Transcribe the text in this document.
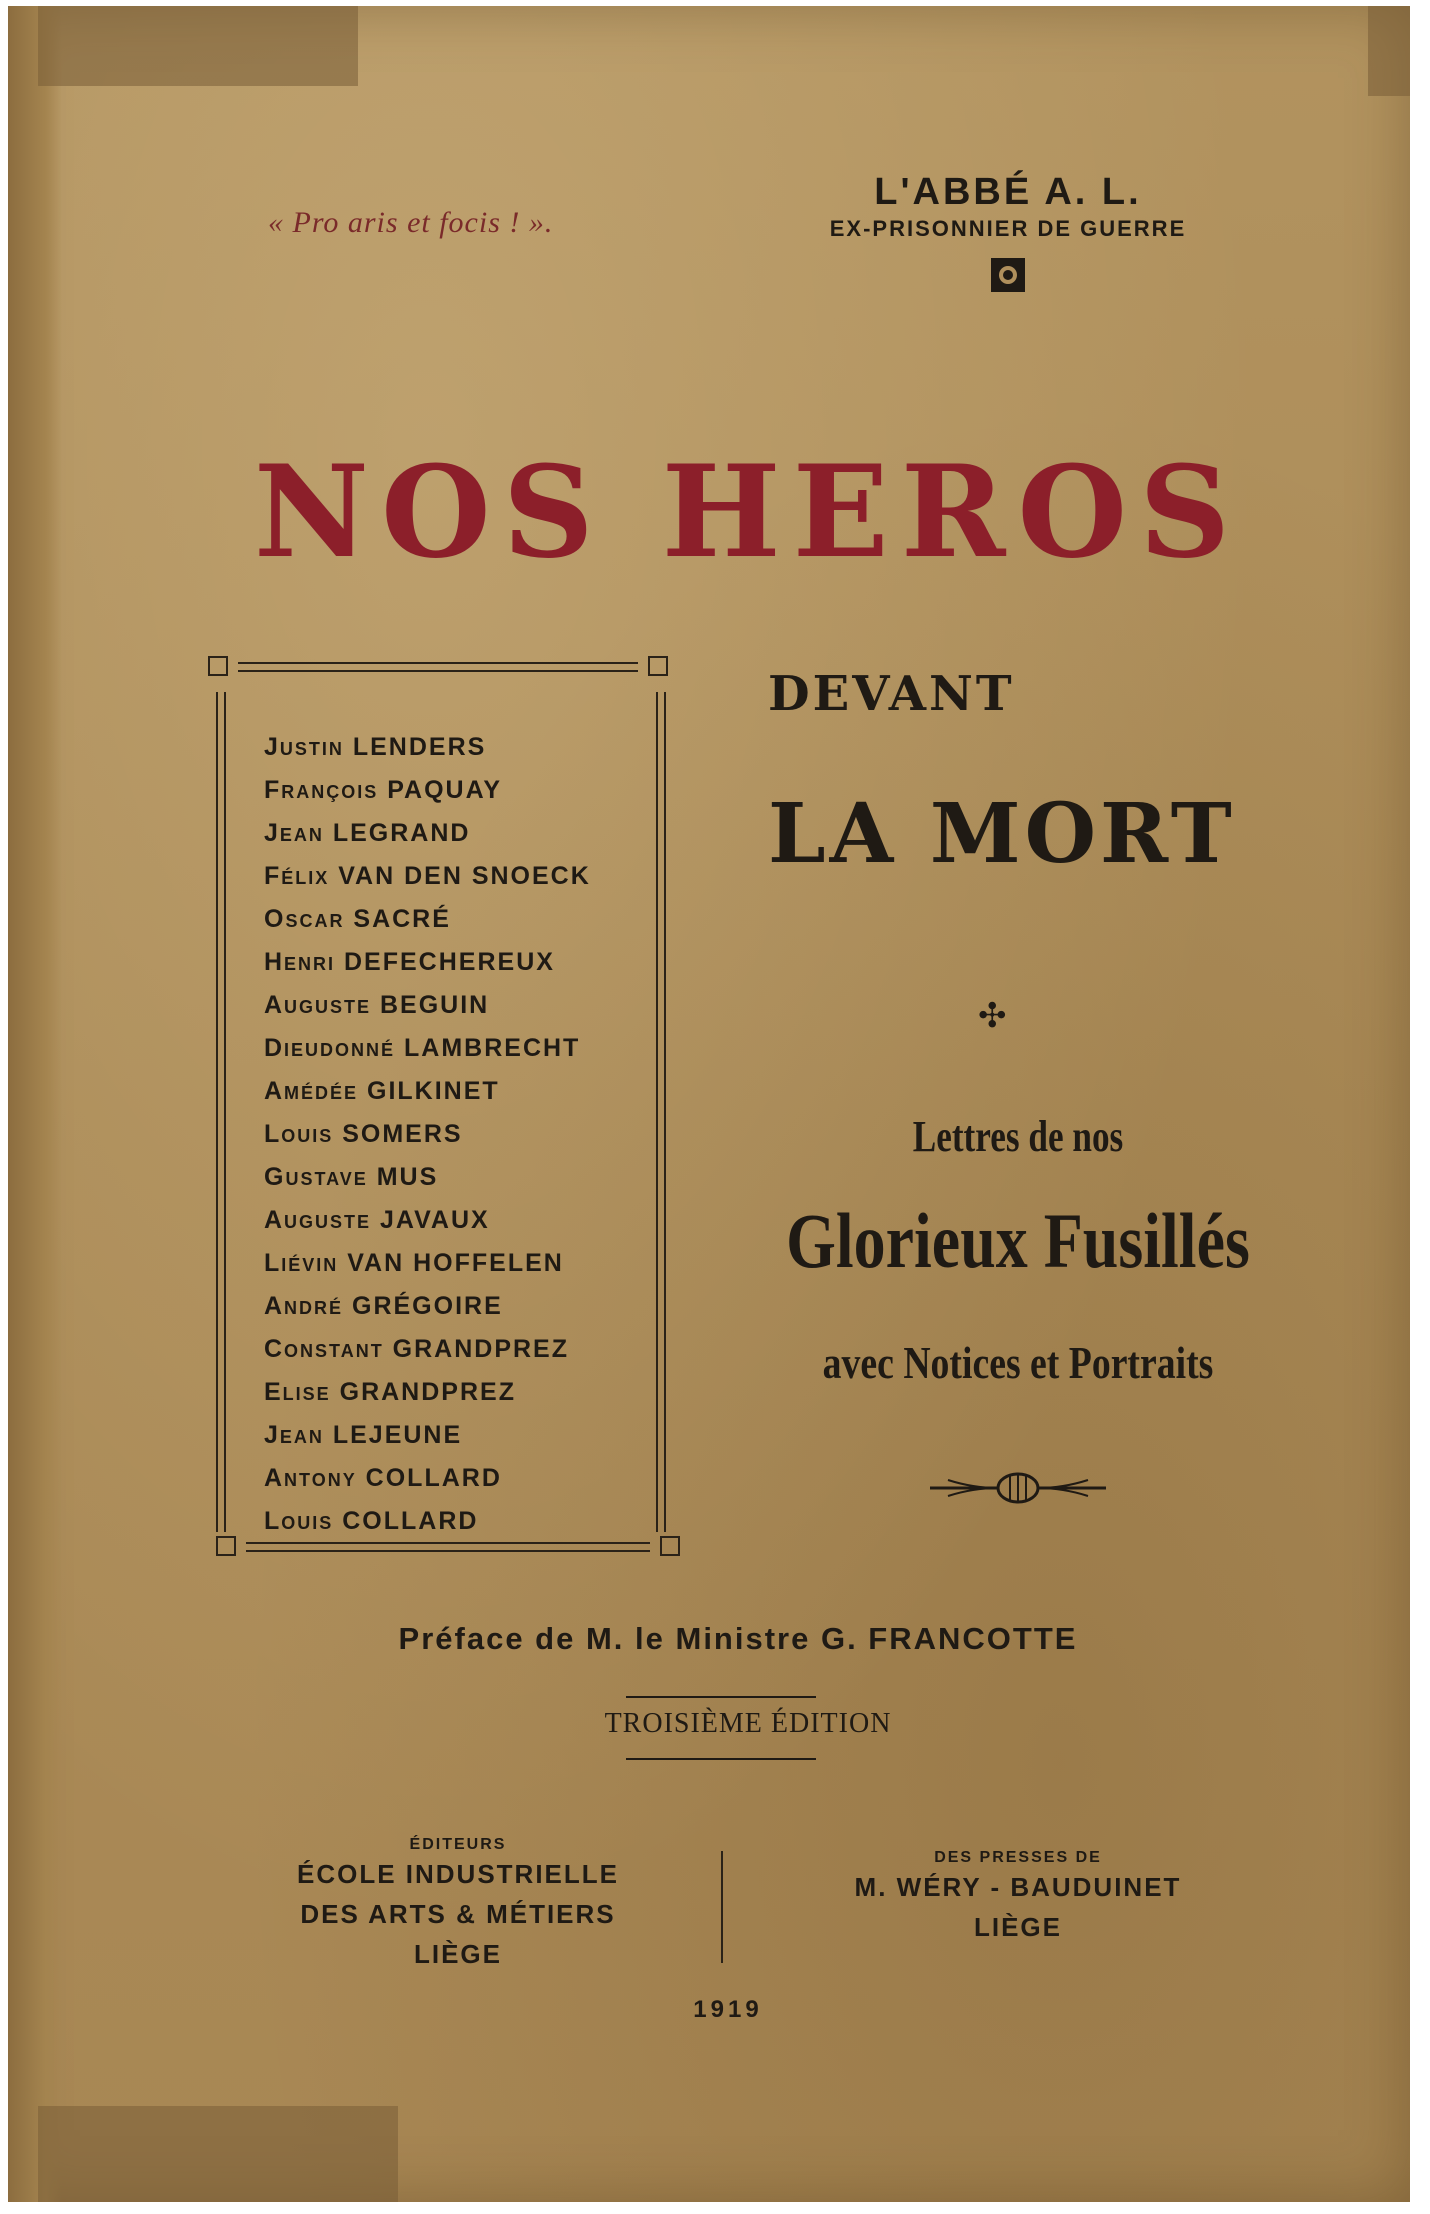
« Pro aris et focis ! ».
L'ABBÉ A. L.
EX-PRISONNIER DE GUERRE
NOS HEROS
Justin LENDERS
François PAQUAY
Jean LEGRAND
Félix VAN DEN SNOECK
Oscar SACRÉ
Henri DEFECHEREUX
Auguste BEGUIN
Dieudonné LAMBRECHT
Amédée GILKINET
Louis SOMERS
Gustave MUS
Auguste JAVAUX
Liévin VAN HOFFELEN
André GRÉGOIRE
Constant GRANDPREZ
Elise GRANDPREZ
Jean LEJEUNE
Antony COLLARD
Louis COLLARD
DEVANT
LA MORT
✣
Lettres de nos
Glorieux Fusillés
avec Notices et Portraits
Préface de M. le Ministre G. FRANCOTTE
TROISIÈME ÉDITION
ÉDITEURS
ÉCOLE INDUSTRIELLE
DES ARTS & MÉTIERS
LIÈGE
DES PRESSES DE
M. WÉRY - BAUDUINET
LIÈGE
1919
